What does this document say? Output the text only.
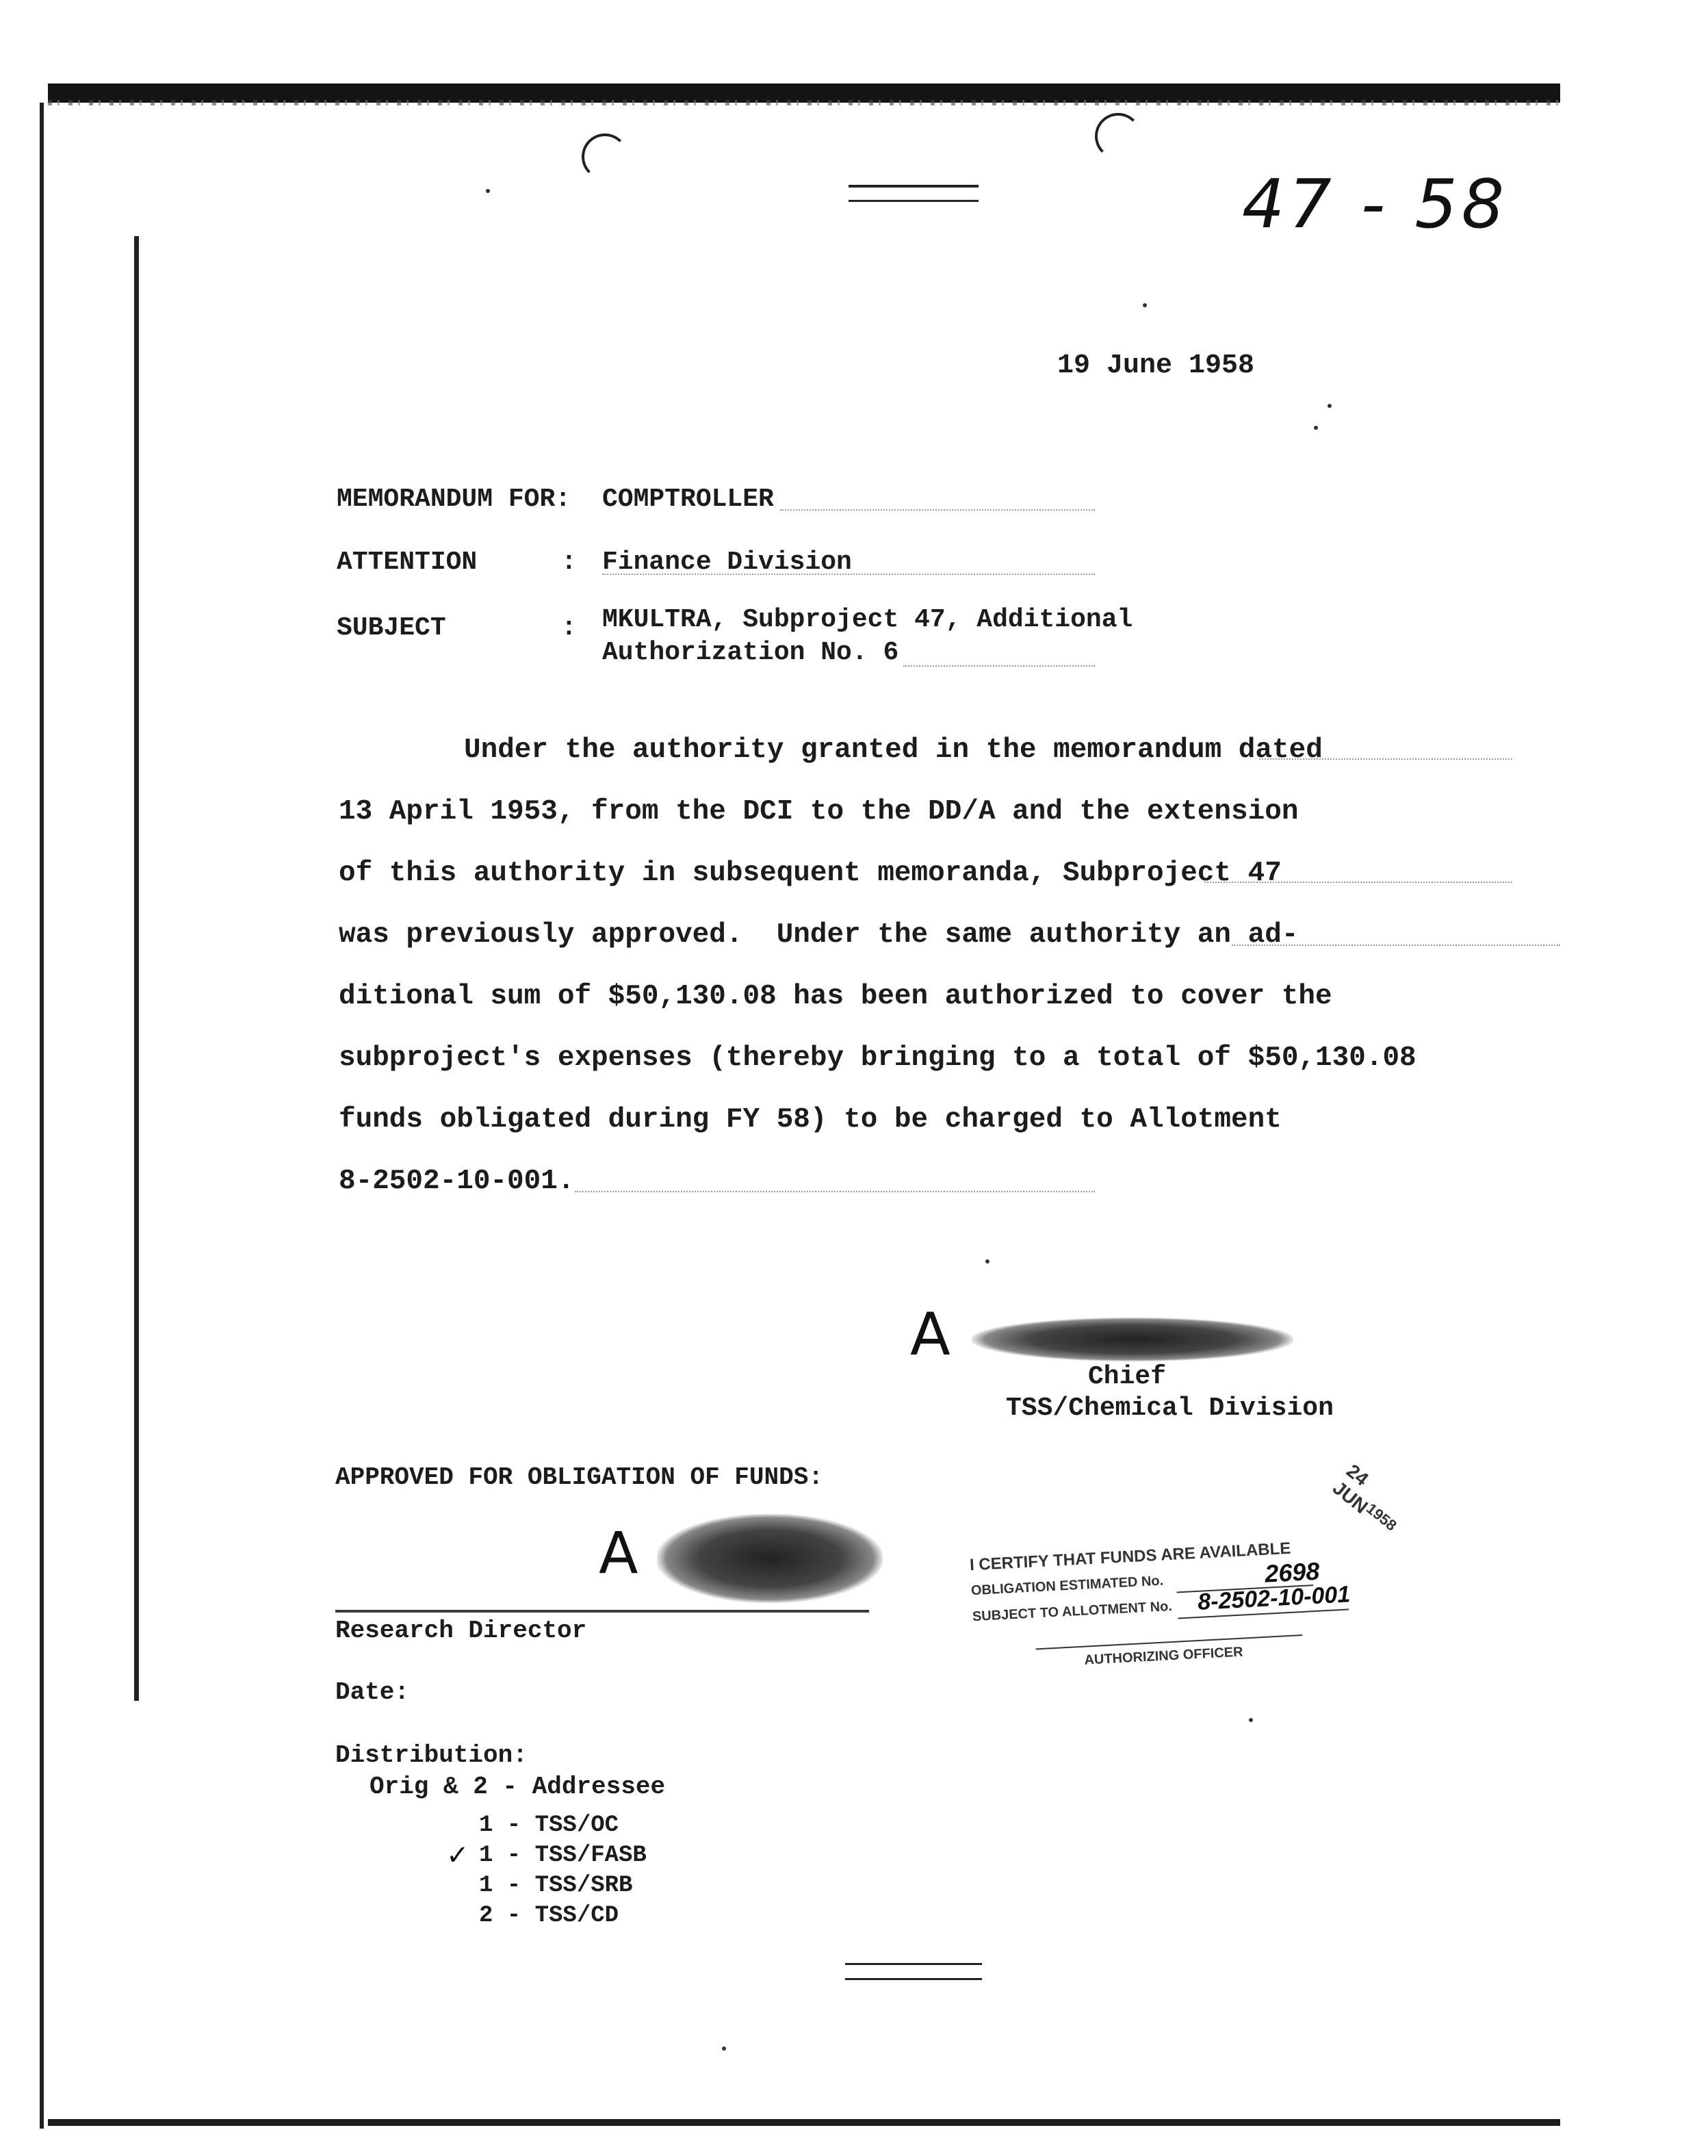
47 - 58
19 June 1958
MEMORANDUM FOR: COMPTROLLER
ATTENTION	: Finance Division
SUBJECT	: MKULTRA, Subproject 47, Additional
Authorization No. 6
Under the authority granted in the memorandum dated
13 April 1953, from the DCI to the DD/A and the extension
of this authority in subsequent memoranda, Subproject 47
was previously approved.  Under the same authority an ad-
ditional sum of $50,130.08 has been authorized to cover the
subproject's expenses (thereby bringing to a total of $50,130.08
funds obligated during FY 58) to be charged to Allotment
8-2502-10-001.
A
Chief
TSS/Chemical Division
APPROVED FOR OBLIGATION OF FUNDS:
A
Research Director
Date:
I CERTIFY THAT FUNDS ARE AVAILABLE
OBLIGATION ESTIMATED No.	2698
SUBJECT TO ALLOTMENT No. 8-2502-10-001
AUTHORIZING OFFICER
24 JUN
1958
Distribution:
Orig & 2 - Addressee
1 - TSS/OC
✓ 1 - TSS/FASB
1 - TSS/SRB
2 - TSS/CD
